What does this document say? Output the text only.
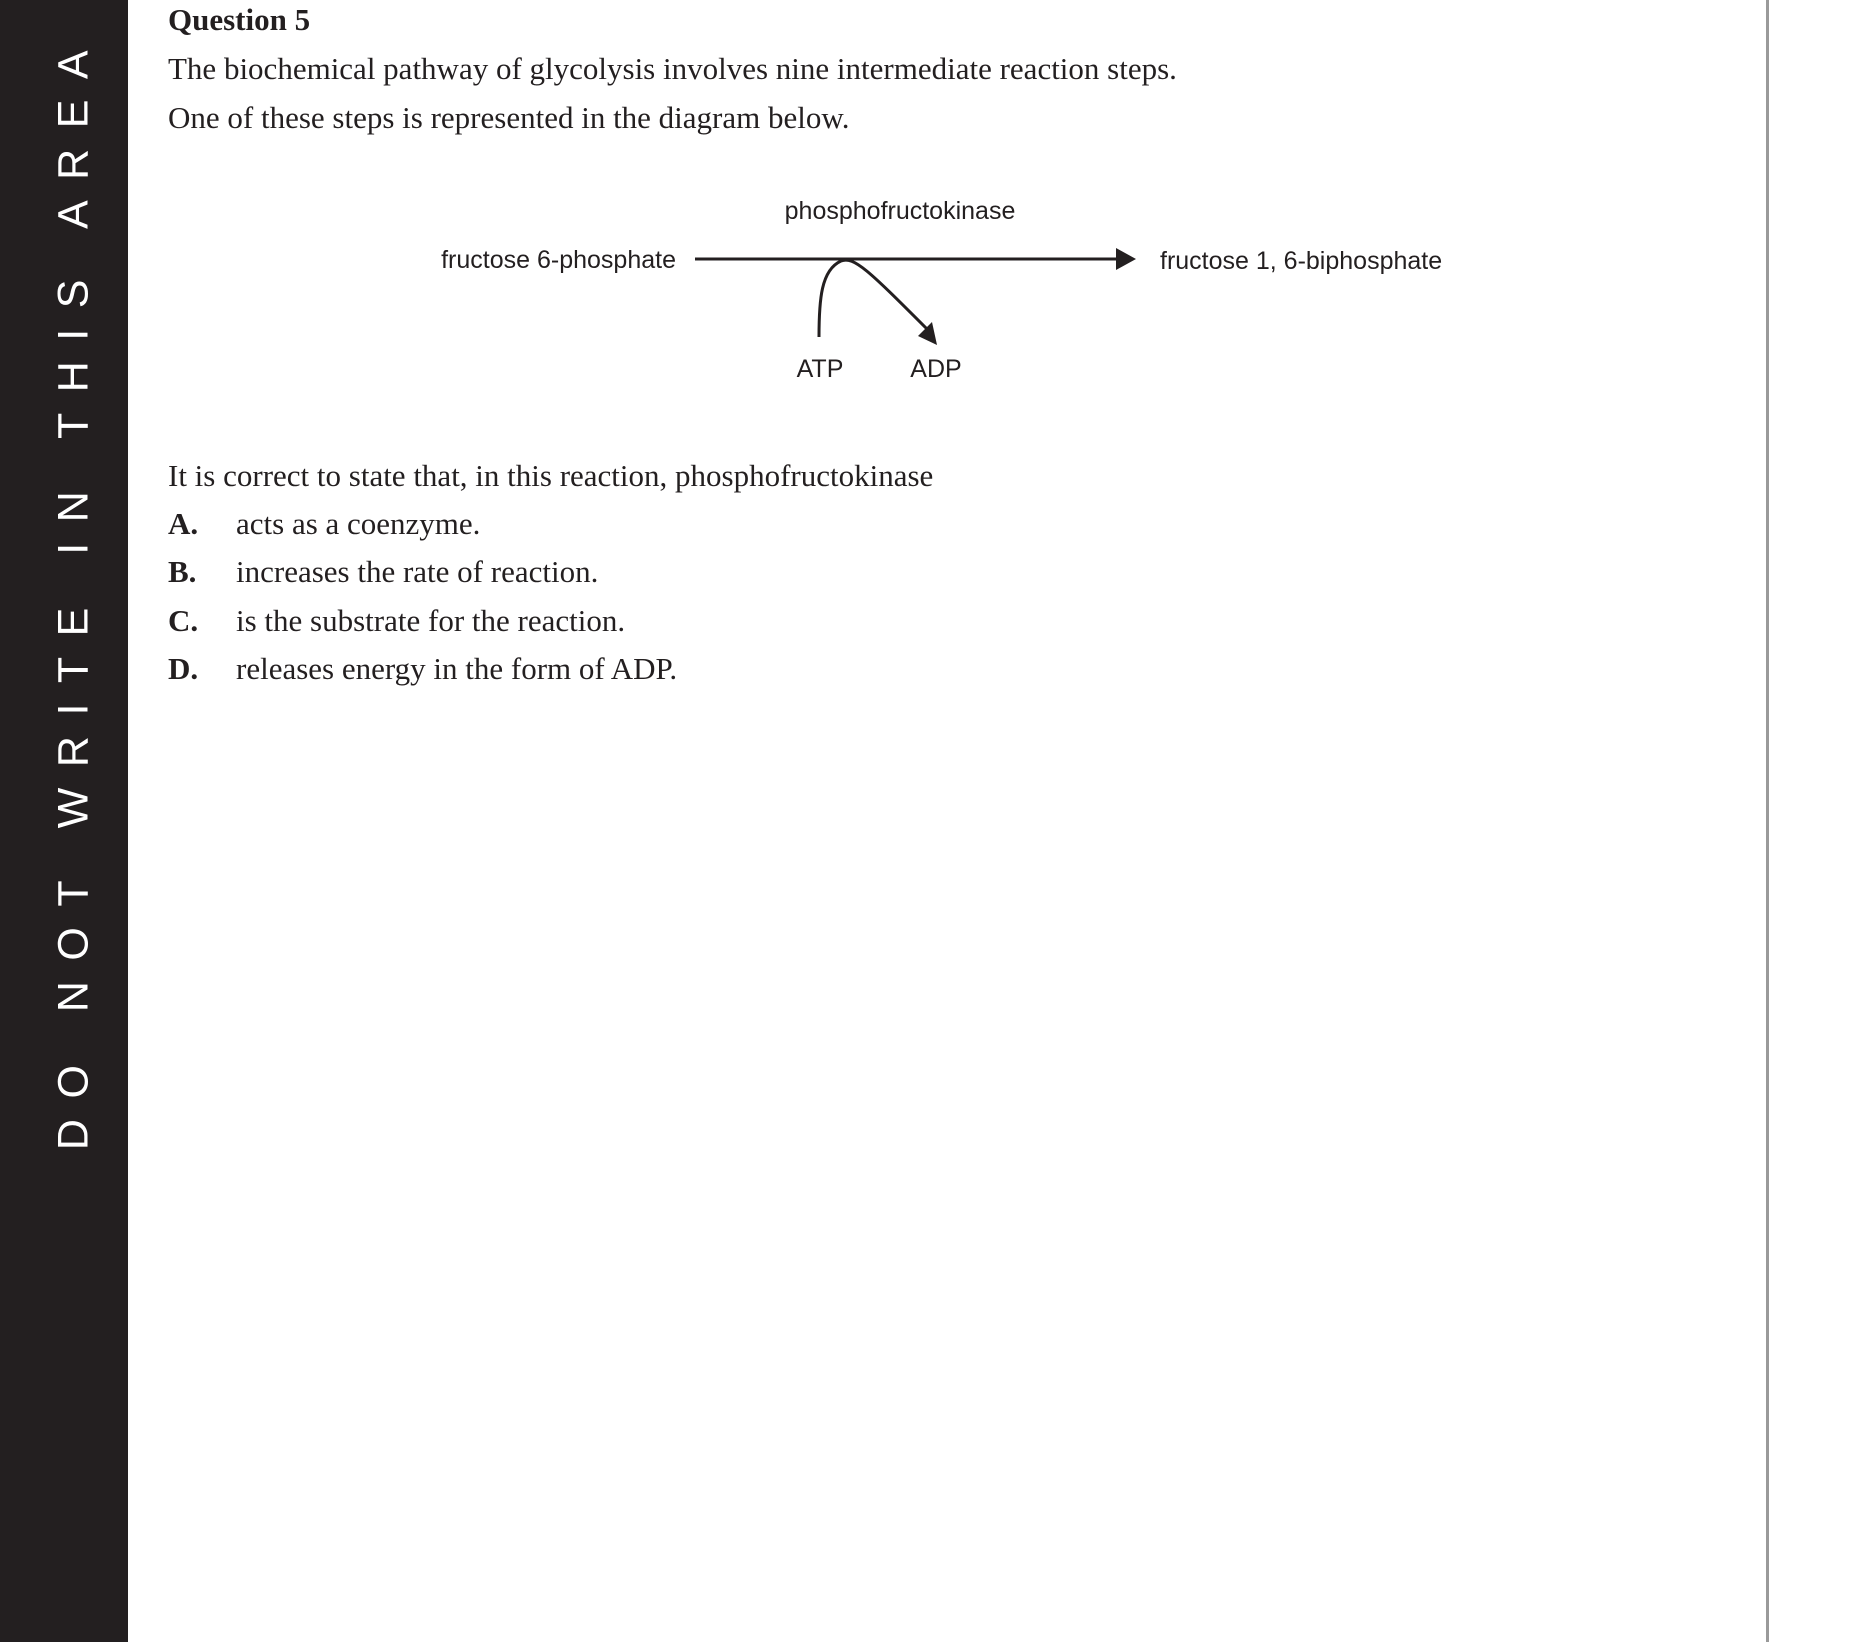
DO NOT WRITE IN THIS AREA
Question 5
The biochemical pathway of glycolysis involves nine intermediate reaction steps.
One of these steps is represented in the diagram below.
phosphofructokinase
fructose 6-phosphate	fructose 1, 6-biphosphate
ATP	ADP
It is correct to state that, in this reaction, phosphofructokinase
A. acts as a coenzyme.
B. increases the rate of reaction.
C. is the substrate for the reaction.
D. releases energy in the form of ADP.
